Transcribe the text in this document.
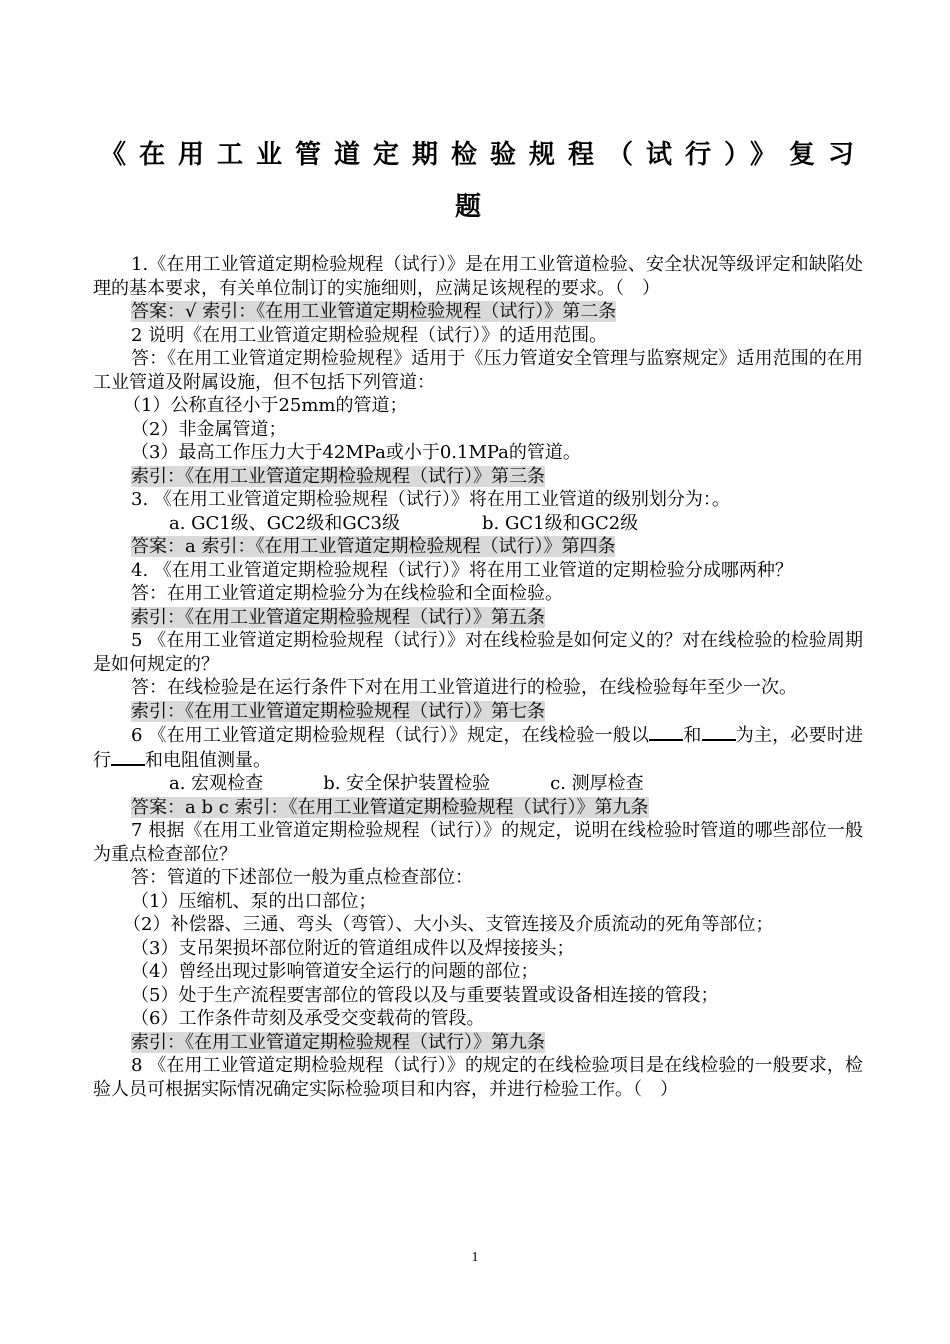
《在用工业管道定期检验规程（试行）》复习
题

1.《在用工业管道定期检验规程（试行）》是在用工业管道检验、安全状况等级评定和缺陷处理的基本要求，有关单位制订的实施细则，应满足该规程的要求。（　）

答案：√ 索引：《在用工业管道定期检验规程（试行）》第二条

2 说明《在用工业管道定期检验规程（试行）》的适用范围。

答：《在用工业管道定期检验规程》适用于《压力管道安全管理与监察规定》适用范围的在用工业管道及附属设施，但不包括下列管道：

（1）公称直径小于25mm的管道；

（2）非金属管道；

（3）最高工作压力大于42MPa或小于0.1MPa的管道。

索引：《在用工业管道定期检验规程（试行）》第三条

3. 《在用工业管道定期检验规程（试行）》将在用工业管道的级别划分为：。

a. GC1级、GC2级和GC3级	b. GC1级和GC2级

答案：a 索引：《在用工业管道定期检验规程（试行）》第四条

4. 《在用工业管道定期检验规程（试行）》将在用工业管道的定期检验分成哪两种？

答：在用工业管道定期检验分为在线检验和全面检验。

索引：《在用工业管道定期检验规程（试行）》第五条

5 《在用工业管道定期检验规程（试行）》对在线检验是如何定义的？对在线检验的检验周期是如何规定的？

答：在线检验是在运行条件下对在用工业管道进行的检验，在线检验每年至少一次。

索引：《在用工业管道定期检验规程（试行）》第七条

6 《在用工业管道定期检验规程（试行）》规定，在线检验一般以 和 为主，必要时进行 和电阻值测量。

a. 宏观检查	b. 安全保护装置检验	c. 测厚检查

答案：a b c 索引：《在用工业管道定期检验规程（试行）》第九条

7 根据《在用工业管道定期检验规程（试行）》的规定，说明在线检验时管道的哪些部位一般为重点检查部位？

答：管道的下述部位一般为重点检查部位：

（1）压缩机、泵的出口部位；

（2）补偿器、三通、弯头（弯管）、大小头、支管连接及介质流动的死角等部位；

（3）支吊架损坏部位附近的管道组成件以及焊接接头；

（4）曾经出现过影响管道安全运行的问题的部位；

（5）处于生产流程要害部位的管段以及与重要装置或设备相连接的管段；

（6）工作条件苛刻及承受交变载荷的管段。

索引：《在用工业管道定期检验规程（试行）》第九条

8 《在用工业管道定期检验规程（试行）》的规定的在线检验项目是在线检验的一般要求，检验人员可根据实际情况确定实际检验项目和内容，并进行检验工作。（　）

1
